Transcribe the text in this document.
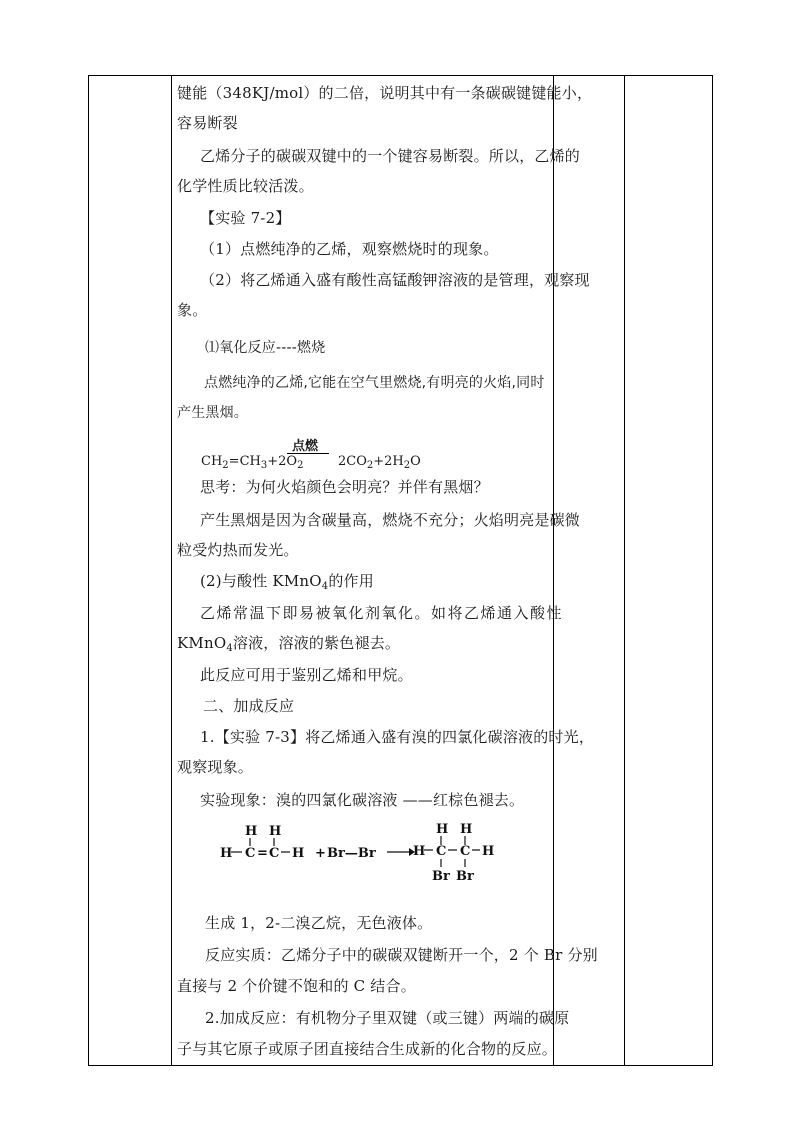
键能（348KJ/mol）的二倍，说明其中有一条碳碳键键能小，
容易断裂
乙烯分子的碳碳双键中的一个键容易断裂。所以，乙烯的
化学性质比较活泼。
【实验 7-2】
（1）点燃纯净的乙烯，观察燃烧时的现象。
（2）将乙烯通入盛有酸性高锰酸钾溶液的是管理，观察现
象。
⑴氧化反应----燃烧
点燃纯净的乙烯,它能在空气里燃烧,有明亮的火焰,同时
产生黑烟。
点燃
$CH_2=CH_3+2O_2$	$2CO_2+2H_2O$
思考：为何火焰颜色会明亮？并伴有黑烟？
产生黑烟是因为含碳量高，燃烧不充分；火焰明亮是碳微
粒受灼热而发光。
(2)与酸性 KMnO$_4$的作用
乙烯常温下即易被氧化剂氧化。如将乙烯通入酸性
KMnO$_4$溶液，溶液的紫色褪去。
此反应可用于鉴别乙烯和甲烷。
二、加成反应
1.【实验 7-3】将乙烯通入盛有溴的四氯化碳溶液的时光，
观察现象。
实验现象：溴的四氯化碳溶液 ——红棕色褪去。
H H
H C = C H + Br—Br
H H
H C C H
Br Br
生成 1，2-二溴乙烷，无色液体。
反应实质：乙烯分子中的碳碳双键断开一个，2 个 Br 分别
直接与 2 个价键不饱和的 C 结合。
2.加成反应：有机物分子里双键（或三键）两端的碳原
子与其它原子或原子团直接结合生成新的化合物的反应。
